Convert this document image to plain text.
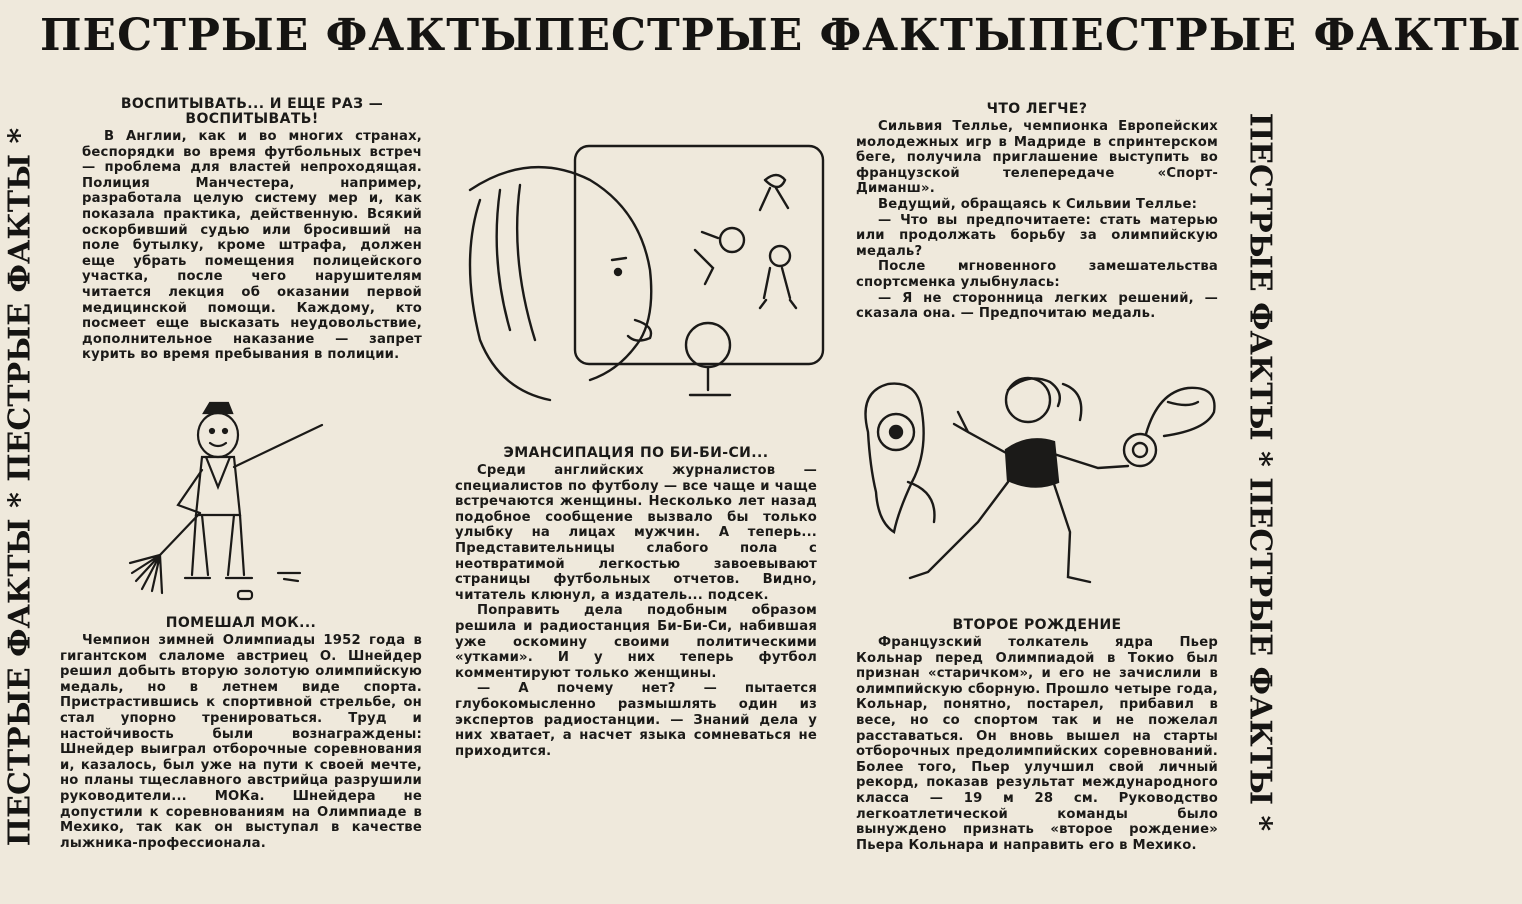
ПЕСТРЫЕ ФАКТЫ ПЕСТРЫЕ ФАКТЫ ПЕСТРЫЕ ФАКТЫ
ПЕСТРЫЕ ФАКТЫ * ПЕСТРЫЕ ФАКТЫ *	ПЕСТРЫЕ ФАКТЫ * ПЕСТРЫЕ ФАКТЫ *
ВОСПИТЫВАТЬ... И ЕЩЕ РАЗ — ВОСПИТЫВАТЬ!

В Англии, как и во многих странах, беспорядки во время футбольных встреч — проблема для властей непроходящая. Полиция Манчестера, например, разработала целую систему мер и, как показала практика, действенную. Всякий оскорбивший судью или бросивший на поле бутылку, кроме штрафа, должен еще убрать помещения полицейского участка, после чего нарушителям читается лекция об оказании первой медицинской помощи. Каждому, кто посмеет еще высказать неудовольствие, дополнительное наказание — запрет курить во время пребывания в полиции.

ПОМЕШАЛ МОК...

Чемпион зимней Олимпиады 1952 года в гигантском слаломе австриец О. Шнейдер решил добыть вторую золотую олимпийскую медаль, но в летнем виде спорта. Пристрастившись к спортивной стрельбе, он стал упорно тренироваться. Труд и настойчивость были вознаграждены: Шнейдер выиграл отборочные соревнования и, казалось, был уже на пути к своей мечте, но планы тщеславного австрийца разрушили руководители... МОКа. Шнейдера не допустили к соревнованиям на Олимпиаде в Мехико, так как он выступал в качестве лыжника-профессионала.

ЭМАНСИПАЦИЯ ПО БИ-БИ-СИ...

Среди английских журналистов — специалистов по футболу — все чаще и чаще встречаются женщины. Несколько лет назад подобное сообщение вызвало бы только улыбку на лицах мужчин. А теперь... Представительницы слабого пола с неотвратимой легкостью завоевывают страницы футбольных отчетов. Видно, читатель клюнул, а издатель... подсек.

Поправить дела подобным образом решила и радиостанция Би-Би-Си, набившая уже оскомину своими политическими «утками». И у них теперь футбол комментируют только женщины.

— А почему нет? — пытается глубокомысленно размышлять один из экспертов радиостанции. — Знаний дела у них хватает, а насчет языка сомневаться не приходится.

ЧТО ЛЕГЧЕ?

Сильвия Теллье, чемпионка Европейских молодежных игр в Мадриде в спринтерском беге, получила приглашение выступить во французской телепередаче «Спорт-Диманш».

Ведущий, обращаясь к Сильвии Теллье:

— Что вы предпочитаете: стать матерью или продолжать борьбу за олимпийскую медаль?

После мгновенного замешательства спортсменка улыбнулась:

— Я не сторонница легких решений, — сказала она. — Предпочитаю медаль.

ВТОРОЕ РОЖДЕНИЕ

Французский толкатель ядра Пьер Кольнар перед Олимпиадой в Токио был признан «старичком», и его не зачислили в олимпийскую сборную. Прошло четыре года, Кольнар, понятно, постарел, прибавил в весе, но со спортом так и не пожелал расставаться. Он вновь вышел на старты отборочных предолимпийских соревнований. Более того, Пьер улучшил свой личный рекорд, показав результат международного класса — 19 м 28 см. Руководство легкоатлетической команды было вынуждено признать «второе рождение» Пьера Кольнара и направить его в Мехико.
